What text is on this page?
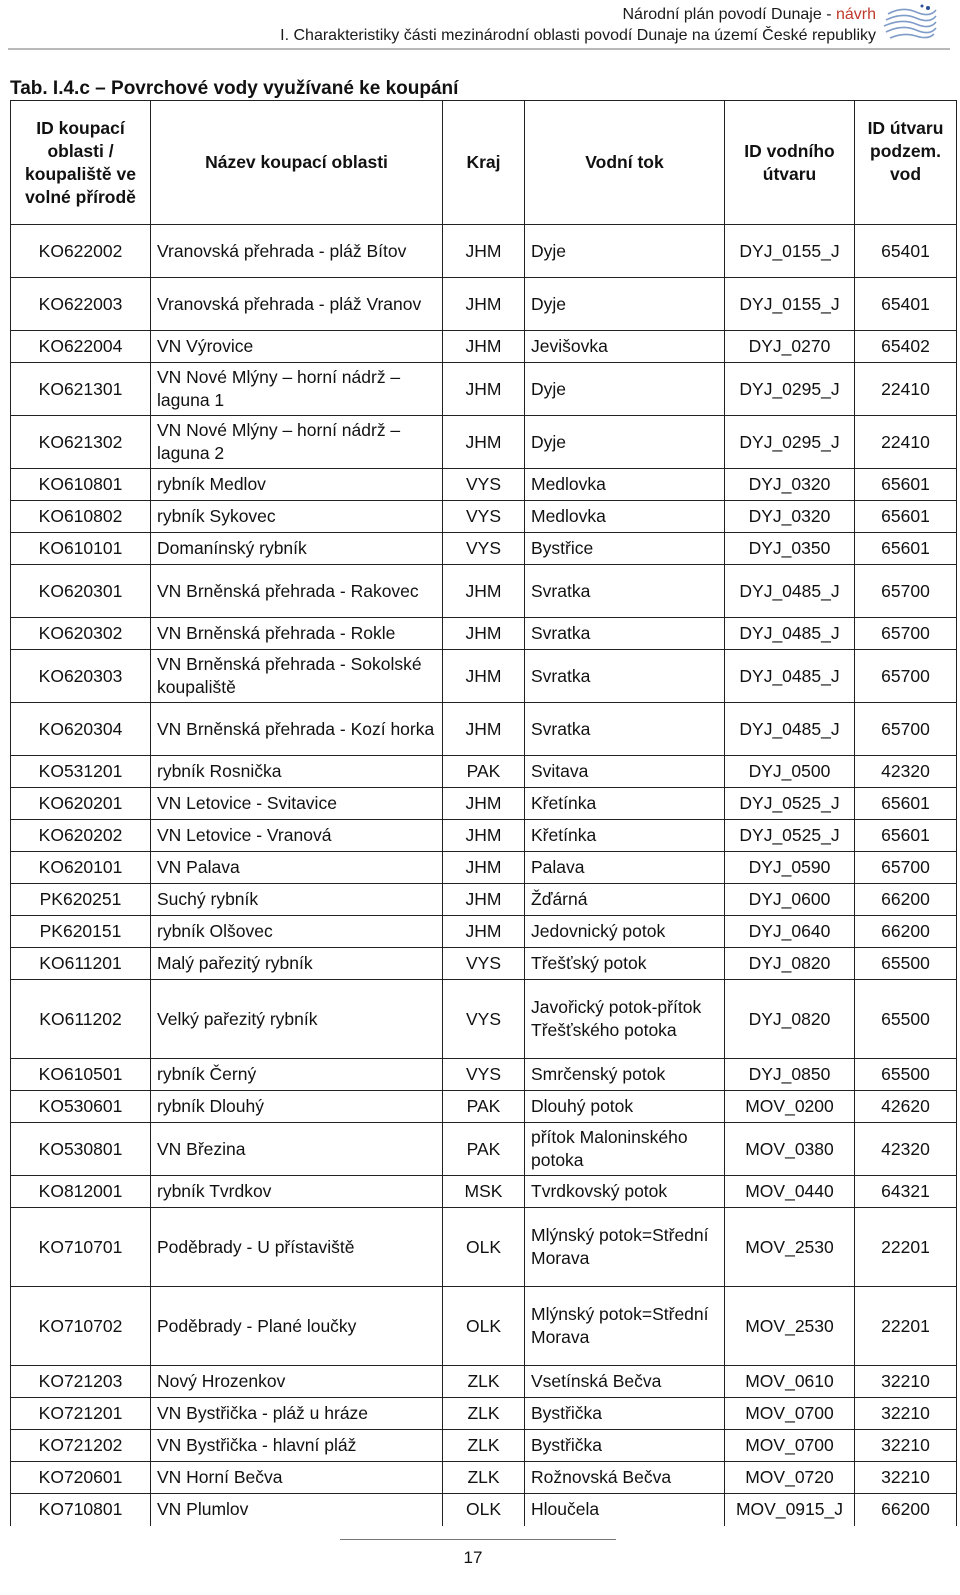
Národní plán povodí Dunaje - návrh
I. Charakteristiky části mezinárodní oblasti povodí Dunaje na území České republiky
Tab. I.4.c – Povrchové vody využívané ke koupání
ID koupací oblasti / koupaliště ve volné přírodě	Název koupací oblasti	Kraj	Vodní tok	ID vodního útvaru	ID útvaru podzem. vod
KO622002	Vranovská přehrada - pláž Bítov	JHM	Dyje	DYJ_0155_J	65401
KO622003	Vranovská přehrada - pláž Vranov	JHM	Dyje	DYJ_0155_J	65401
KO622004	VN Výrovice	JHM	Jevišovka	DYJ_0270	65402
KO621301	VN Nové Mlýny – horní nádrž – laguna 1	JHM	Dyje	DYJ_0295_J	22410
KO621302	VN Nové Mlýny – horní nádrž – laguna 2	JHM	Dyje	DYJ_0295_J	22410
KO610801	rybník Medlov	VYS	Medlovka	DYJ_0320	65601
KO610802	rybník Sykovec	VYS	Medlovka	DYJ_0320	65601
KO610101	Domanínský rybník	VYS	Bystřice	DYJ_0350	65601
KO620301	VN Brněnská přehrada - Rakovec	JHM	Svratka	DYJ_0485_J	65700
KO620302	VN Brněnská přehrada - Rokle	JHM	Svratka	DYJ_0485_J	65700
KO620303	VN Brněnská přehrada - Sokolské koupaliště	JHM	Svratka	DYJ_0485_J	65700
KO620304	VN Brněnská přehrada - Kozí horka	JHM	Svratka	DYJ_0485_J	65700
KO531201	rybník Rosnička	PAK	Svitava	DYJ_0500	42320
KO620201	VN Letovice - Svitavice	JHM	Křetínka	DYJ_0525_J	65601
KO620202	VN Letovice - Vranová	JHM	Křetínka	DYJ_0525_J	65601
KO620101	VN Palava	JHM	Palava	DYJ_0590	65700
PK620251	Suchý rybník	JHM	Žďárná	DYJ_0600	66200
PK620151	rybník Olšovec	JHM	Jedovnický potok	DYJ_0640	66200
KO611201	Malý pařezitý rybník	VYS	Třešťský potok	DYJ_0820	65500
KO611202	Velký pařezitý rybník	VYS	Javořický potok-přítok Třešťského potoka	DYJ_0820	65500
KO610501	rybník Černý	VYS	Smrčenský potok	DYJ_0850	65500
KO530601	rybník Dlouhý	PAK	Dlouhý potok	MOV_0200	42620
KO530801	VN Březina	PAK	přítok Maloninského potoka	MOV_0380	42320
KO812001	rybník Tvrdkov	MSK	Tvrdkovský potok	MOV_0440	64321
KO710701	Poděbrady - U přístaviště	OLK	Mlýnský potok=Střední Morava	MOV_2530	22201
KO710702	Poděbrady - Plané loučky	OLK	Mlýnský potok=Střední Morava	MOV_2530	22201
KO721203	Nový Hrozenkov	ZLK	Vsetínská Bečva	MOV_0610	32210
KO721201	VN Bystřička - pláž u hráze	ZLK	Bystřička	MOV_0700	32210
KO721202	VN Bystřička - hlavní pláž	ZLK	Bystřička	MOV_0700	32210
KO720601	VN Horní Bečva	ZLK	Rožnovská Bečva	MOV_0720	32210
KO710801	VN Plumlov	OLK	Hloučela	MOV_0915_J	66200
17
